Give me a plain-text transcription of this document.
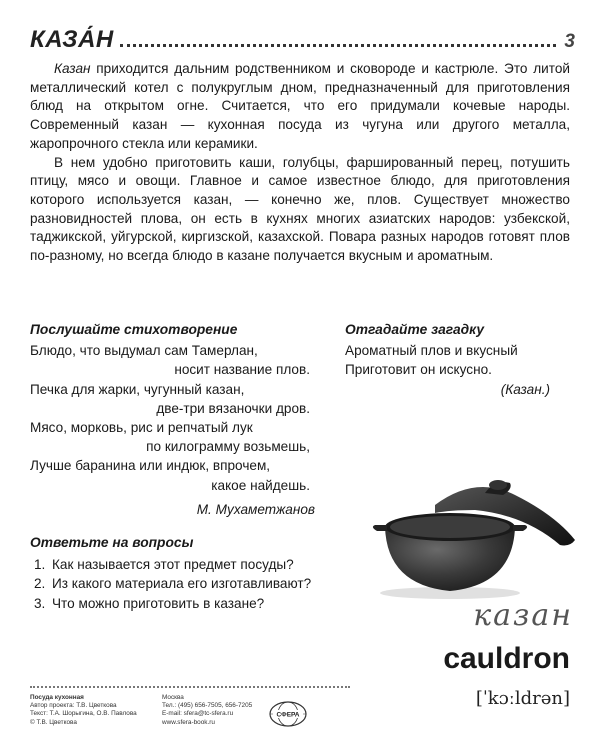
КАЗА́Н	3

Казан приходится дальним родственником и сковороде и кастрюле. Это литой металлический котел с полукруглым дном, предназначенный для приготовления блюд на открытом огне. Считается, что его придумали кочевые народы. Современный казан — кухонная посуда из чугуна или другого металла, жаропрочного стекла или керамики.

В нем удобно приготовить каши, голубцы, фаршированный перец, потушить птицу, мясо и овощи. Главное и самое известное блюдо, для приготовления которого используется казан, — конечно же, плов. Существует множество разновидностей плова, он есть в кухнях многих азиатских народов: узбекской, таджикской, уйгурской, киргизской, казахской. Повара разных народов готовят плов по-разному, но всегда блюдо в казане получается вкусным и ароматным.

Послушайте стихотворение
Блюдо, что выдумал сам Тамерлан,
носит название плов.
Печка для жарки, чугунный казан,
две-три вязаночки дров.
Мясо, морковь, рис и репчатый лук
по килограмму возьмешь,
Лучше баранина или индюк, впрочем,
какое найдешь.
М. Мухаметжанов
Отгадайте загадку
Ароматный плов и вкусный
Приготовит он искусно.
(Казан.)
Ответьте на вопросы
1. Как называется этот предмет посуды?
2. Из какого материала его изготавливают?
3. Что можно приготовить в казане?	казан
cauldron
[ˈkɔːldrən]
Посуда кухонная
Автор проекта: Т.В. Цветкова
Текст: Т.А. Шорыгина, О.В. Павлова
© Т.В. Цветкова
Москва
Тел.: (495) 656-7505, 656-7205
E-mail: sfera@tc-sfera.ru
www.sfera-book.ru
СФЕРА
